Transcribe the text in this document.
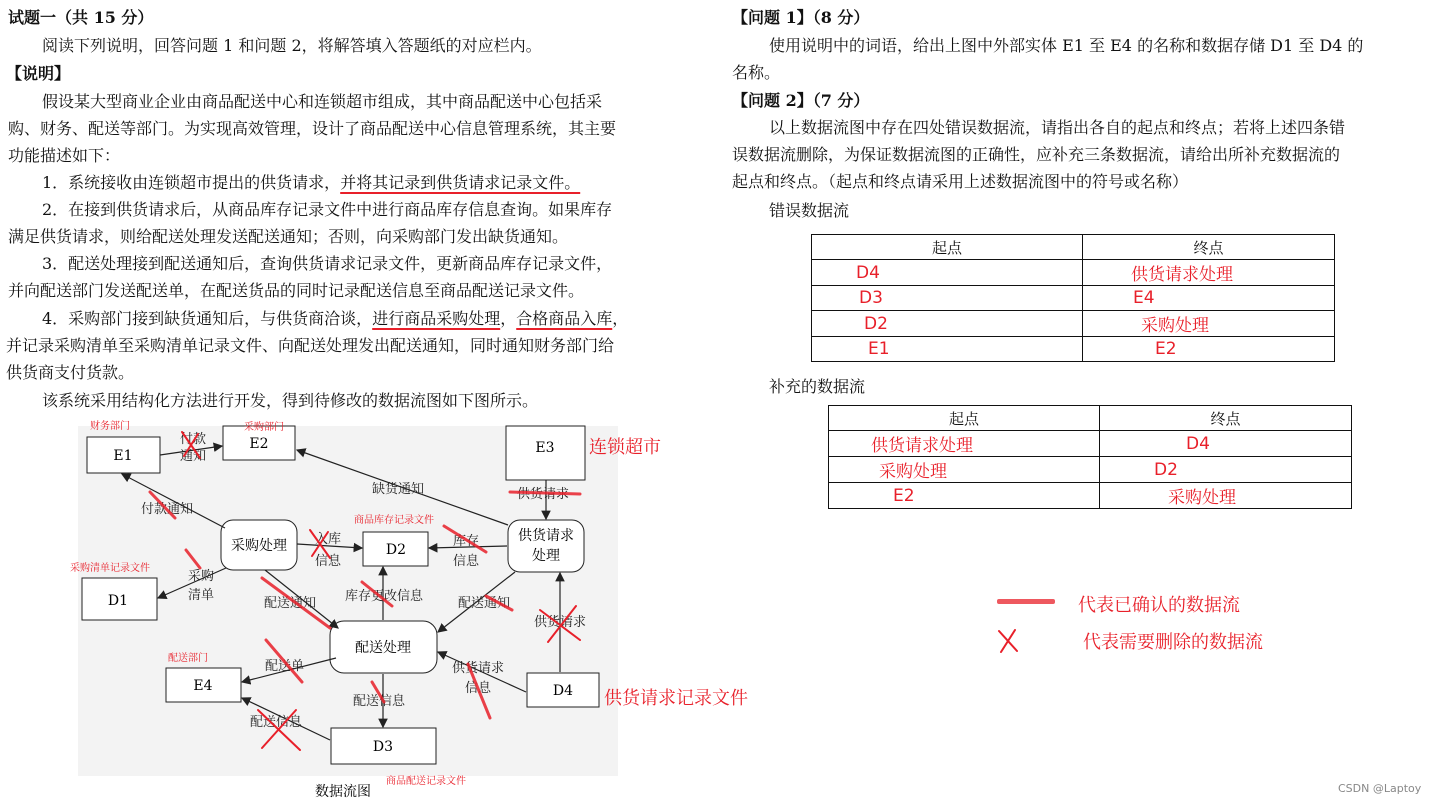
试题一（共 15 分）
阅读下列说明，回答问题 1 和问题 2，将解答填入答题纸的对应栏内。
【说明】
假设某大型商业企业由商品配送中心和连锁超市组成，其中商品配送中心包括采
购、财务、配送等部门。为实现高效管理，设计了商品配送中心信息管理系统，其主要
功能描述如下：
1．系统接收由连锁超市提出的供货请求，并将其记录到供货请求记录文件。
2．在接到供货请求后，从商品库存记录文件中进行商品库存信息查询。如果库存
满足供货请求，则给配送处理发送配送通知；否则，向采购部门发出缺货通知。
3．配送处理接到配送通知后，查询供货请求记录文件，更新商品库存记录文件，
并向配送部门发送配送单，在配送货品的同时记录配送信息至商品配送记录文件。
4．采购部门接到缺货通知后，与供货商洽谈，进行商品采购处理，合格商品入库，
并记录采购清单至采购清单记录文件、向配送处理发出配送通知，同时通知财务部门给
供货商支付货款。
该系统采用结构化方法进行开发，得到待修改的数据流图如下图所示。
E1
E2	E3
E4
D1
D2
D3
D4
采购处理
供货请求
处理
配送处理
付款
通知
缺货通知	供货请求
付款通知
入库
信息
库存
信息
采购
清单
配送通知 库存更改信息	配送通知
供货请求
配送单	供货请求
信息
配送信息
配送信息
数据流图
财务部门	采购部门
连锁超市
商品库存记录文件
采购清单记录文件
配送部门
供货请求记录文件
商品配送记录文件
【问题 1】（8 分）
使用说明中的词语，给出上图中外部实体 E1 至 E4 的名称和数据存储 D1 至 D4 的
名称。
【问题 2】（7 分）
以上数据流图中存在四处错误数据流，请指出各自的起点和终点；若将上述四条错
误数据流删除，为保证数据流图的正确性，应补充三条数据流，请给出所补充数据流的
起点和终点。（起点和终点请采用上述数据流图中的符号或名称）
错误数据流
起点	终点
D4	供货请求处理
D3	E4
D2	采购处理
E1	E2
补充的数据流
起点	终点
供货请求处理	D4
采购处理	D2
E2	采购处理
代表已确认的数据流
代表需要删除的数据流
CSDN @Laptoy
